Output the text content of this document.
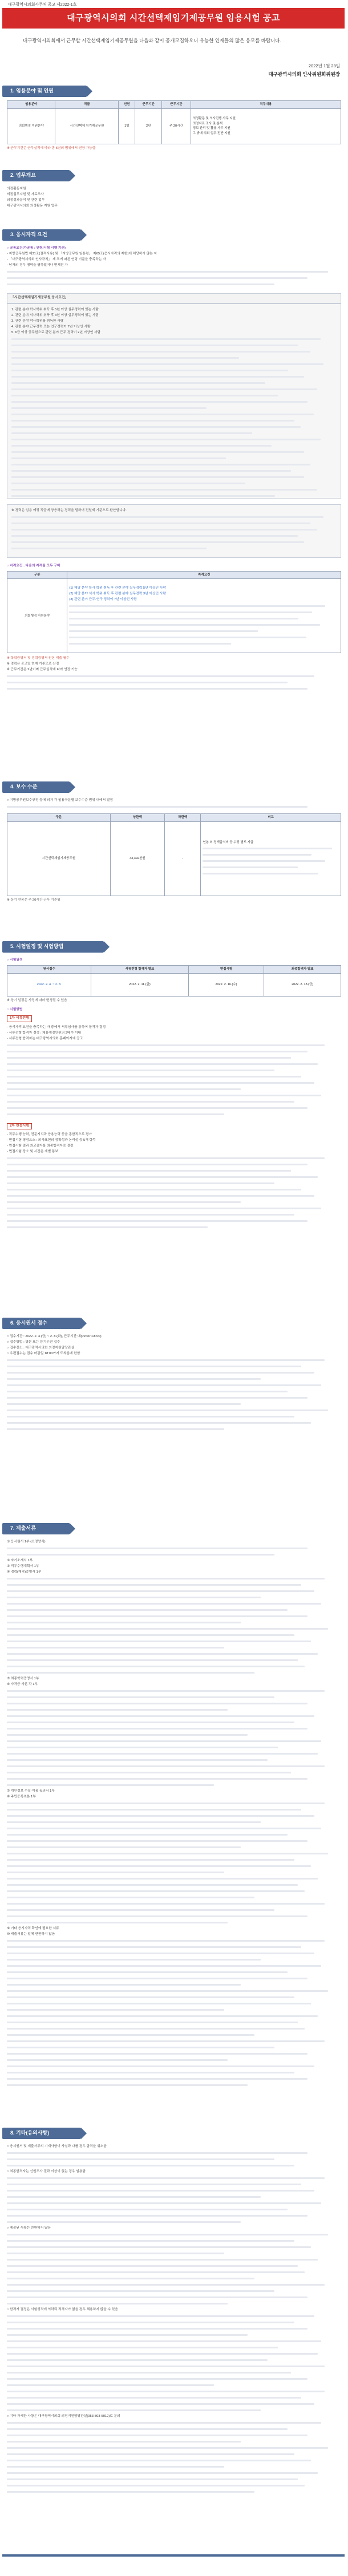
대구광역시의회사무처 공고 제2022-1호
대구광역시의회 시간선택제임기제공무원 임용시험 공고
대구광역시의회에서 근무할 시간선택제임기제공무원을 다음과 같이 공개모집하오니 유능한 인재들의 많은 응모를 바랍니다.
2022년 1월 28일
대구광역시의회 인사위원회위원장
1. 임용분야 및 인원
임용분야	직급	인원	근무기간	근무시간	직무내용
의회행정 지원분야	시간선택제 임기제공무원	1명	2년	주 20시간	의정활동 및 의사진행 사무 지원
의정자료 조사 및 분석
정보 관리 및 활용 사무 지원
그 밖에 의회 업무 전반 지원
※ 근무기간은 근무실적에 따라 총 5년의 범위에서 연장 가능함
2. 업무개요
의정활동지원
의정업무지원 및 자료조사
의정성과분석 및 관련 업무
대구광역시의회 의정활동 지원 업무
3. 응시자격 요건
○ 공통요건(가공통 : 연령/시험 시행 기준)
- 지방공무원법 제31조(결격사유) 및 「지방공무원 임용령」 제65조(응시자격의 제한)에 해당하지 않는 자
- 「대구광역시의회 인사규칙」 제 조에 따른 연령 기준을 충족하는 자
- 남자의 경우 병역을 필하였거나 면제된 자
「시간선택제임기제공무원 응시요건」
1. 관련 분야 학사학위 취득 후 5년 이상 실무경력이 있는 사람
2. 관련 분야 석사학위 취득 후 3년 이상 실무경력이 있는 사람
3. 관련 분야 박사학위를 취득한 사람
4. 관련 분야 근무경력 또는 연구경력이 7년 이상인 사람
5. 6급 이상 공무원으로 관련 분야 근무 경력이 2년 이상인 사람
※ 경력은 임용 예정 직급에 상응하는 경력을 말하며 전일제 기준으로 환산합니다.
○ 자격요건 : 다음의 자격을 모두 구비
구분	자격요건
의회행정 지원분야	(1) 해당 분야 학사 학위 취득 후 관련 분야 실무경력 5년 이상인 사람
(2) 해당 분야 석사 학위 취득 후 관련 분야 실무경력 3년 이상인 사람
(3) 관련 분야 근무·연구 경력이 7년 이상인 사람
※ 학력증명서 및 경력증명서 원본 제출 필수
※ 경력은 공고일 현재 기준으로 산정
※ 근무기간은 2년이며 근무실적에 따라 연장 가능
4. 보수 수준
○ 지방공무원보수규정 등에 의거 각 임용구분별 보수수준 범위 내에서 결정
구분	상한액	하한액	비고
시간선택제임기제공무원	43,392천원	-	연봉 외 정액급식비 등 수당 별도 지급
※ 상기 연봉은 주 20시간 근무 기준임
5. 시험일정 및 시험방법
○ 시험일정
원서접수	서류전형 합격자 발표	면접시험	최종합격자 발표
2022. 2. 4. ~ 2. 8.	2022. 2. 11.(금)	2022. 2. 16.(수)	2022. 2. 18.(금)
※ 상기 일정은 사정에 따라 변경될 수 있음
○ 시험방법
1차 서류전형
- 응시자격 요건을 충족하는 자 중에서 서류심사를 통하여 합격자 결정
- 서류전형 합격자 결정 : 채용예정인원의 3배수 이내
- 서류전형 합격자는 대구광역시의회 홈페이지에 공고
2차 면접시험
- 직무수행 능력, 전문지식과 응용능력 등을 종합적으로 평가
- 면접시험 평정요소 : 의사표현의 정확성과 논리성 등 5개 항목
- 면접시험 결과 최고점자를 최종합격자로 결정
- 면접시험 장소 및 시간은 개별 통보
6. 응시원서 접수
○ 접수기간 : 2022. 2. 4.(금) ~ 2. 8.(화), 근무시간 내(09:00~18:00)
○ 접수방법 : 방문 또는 등기우편 접수
○ 접수장소 : 대구광역시의회 의정지원담당관실
○ 우편접수는 접수 마감일 18:00까지 도착분에 한함
7. 제출서류
① 응시원서 1부 (소정양식)
② 자기소개서 1부
③ 직무수행계획서 1부
④ 경력(재직)증명서 1부
⑤ 최종학력증명서 1부
⑥ 자격증 사본 각 1부
⑦ 개인정보 수집·이용 동의서 1부
⑧ 주민등록초본 1부
⑨ 기타 응시자격 확인에 필요한 서류
⑩ 제출서류는 일체 반환하지 않음
8. 기타(유의사항)
○ 응시원서 및 제출서류의 기재사항이 사실과 다를 경우 합격을 취소함
○ 최종합격자는 신원조사 결과 이상이 없는 경우 임용함
○ 제출된 서류는 반환하지 않음
○ 합격자 결정은 시험성적에 의하되 적격자가 없을 경우 채용하지 않을 수 있음
○ 기타 자세한 사항은 대구광역시의회 의정지원담당관실(053-803-5012)로 문의
